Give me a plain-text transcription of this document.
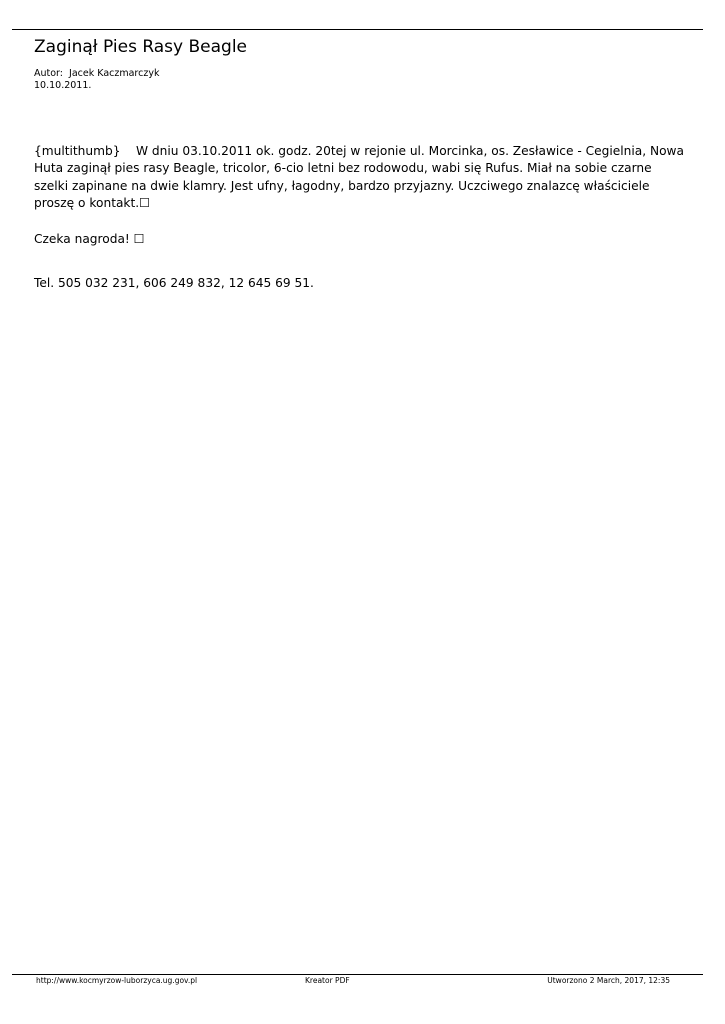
Zaginął Pies Rasy Beagle
Autor: Jacek Kaczmarczyk
10.10.2011.

{multithumb} W dniu 03.10.2011 ok. godz. 20tej w rejonie ul. Morcinka, os. Zesławice - Cegielnia, Nowa Huta zaginął pies rasy Beagle, tricolor, 6-cio letni bez rodowodu, wabi się Rufus. Miał na sobie czarne szelki zapinane na dwie klamry. Jest ufny, łagodny, bardzo przyjazny. Uczciwego znalazcę właściciele proszę o kontakt.☐

Czeka nagroda! ☐

Tel. 505 032 231, 606 249 832, 12 645 69 51.

http://www.kocmyrzow-luborzyca.ug.gov.pl	Kreator PDF	Utworzono 2 March, 2017, 12:35
